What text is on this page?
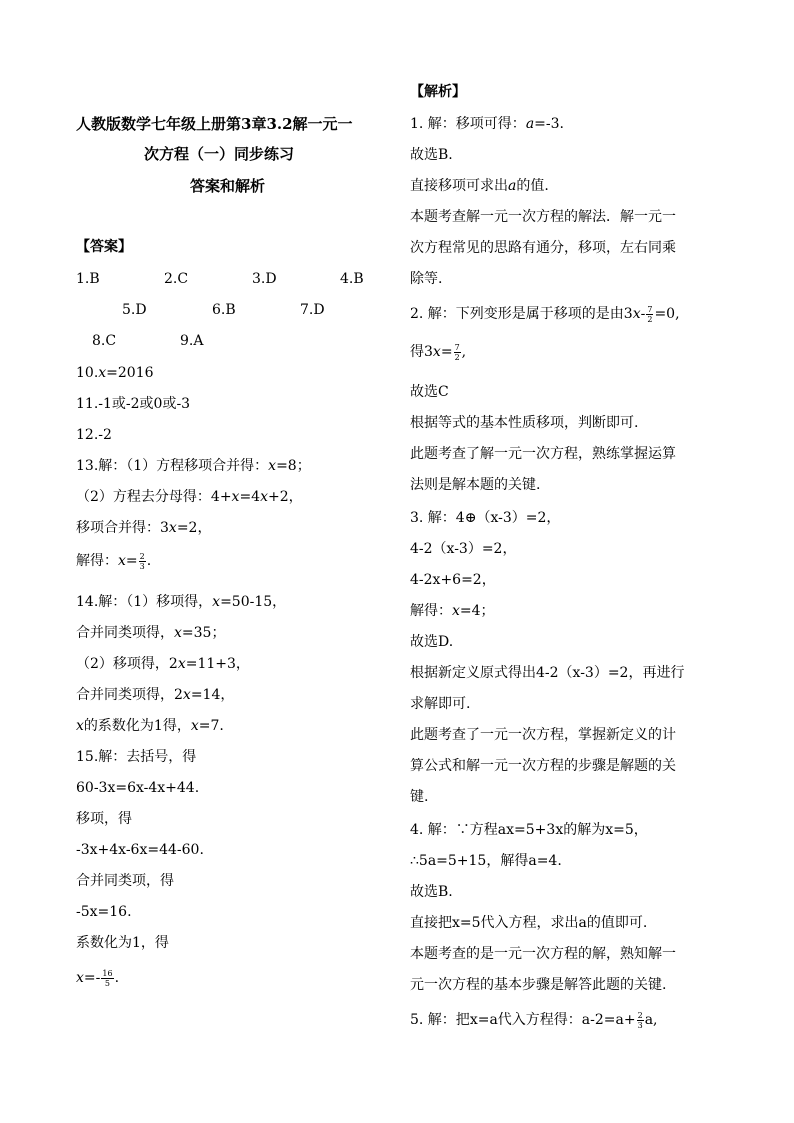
人教版数学七年级上册第3章3.2解一元一
次方程（一）同步练习
答案和解析
【答案】
1.B	2.C	3.D	4.B
5.D	6.B	7.D
8.C	9.A
10.x=2016
11.-1或-2或0或-3
12.-2
13.解：（1）方程移项合并得：x=8；
（2）方程去分母得：4+x=4x+2，
移项合并得：3x=2，
解得：$x= \frac{2}{3}$ .
14.解：（1）移项得，x=50-15，
合并同类项得，x=35；
（2）移项得，2x=11+3，
合并同类项得，2x=14，
x的系数化为1得，x=7.
15.解：去括号，得
60-3x=6x-4x+44.
移项，得
-3x+4x-6x=44-60.
合并同类项，得
-5x=16.
系数化为1，得
$x=- \frac{16}{5}$ .
【解析】
1. 解：移项可得：a=-3.
故选B.
直接移项可求出a的值.
本题考查解一元一次方程的解法．解一元一
次方程常见的思路有通分，移项，左右同乘
除等.
2. 解：下列变形是属于移项的是由$3x- \frac{7}{2} =0$,
得$3x= \frac{7}{2}$ ,
故选C
根据等式的基本性质移项，判断即可.
此题考查了解一元一次方程，熟练掌握运算
法则是解本题的关键.
3. 解：4⊕（x-3）=2，
4-2（x-3）=2，
4-2x+6=2，
解得：x=4；
故选D.
根据新定义原式得出4-2（x-3）=2，再进行
求解即可.
此题考查了一元一次方程，掌握新定义的计
算公式和解一元一次方程的步骤是解题的关
键.
4. 解：∵方程ax=5+3x的解为x=5，
∴5a=5+15，解得a=4.
故选B.
直接把x=5代入方程，求出a的值即可.
本题考查的是一元一次方程的解，熟知解一
元一次方程的基本步骤是解答此题的关键.
5. 解：把x=a代入方程得：$a-2=a+ \frac{2}{3} a$,
